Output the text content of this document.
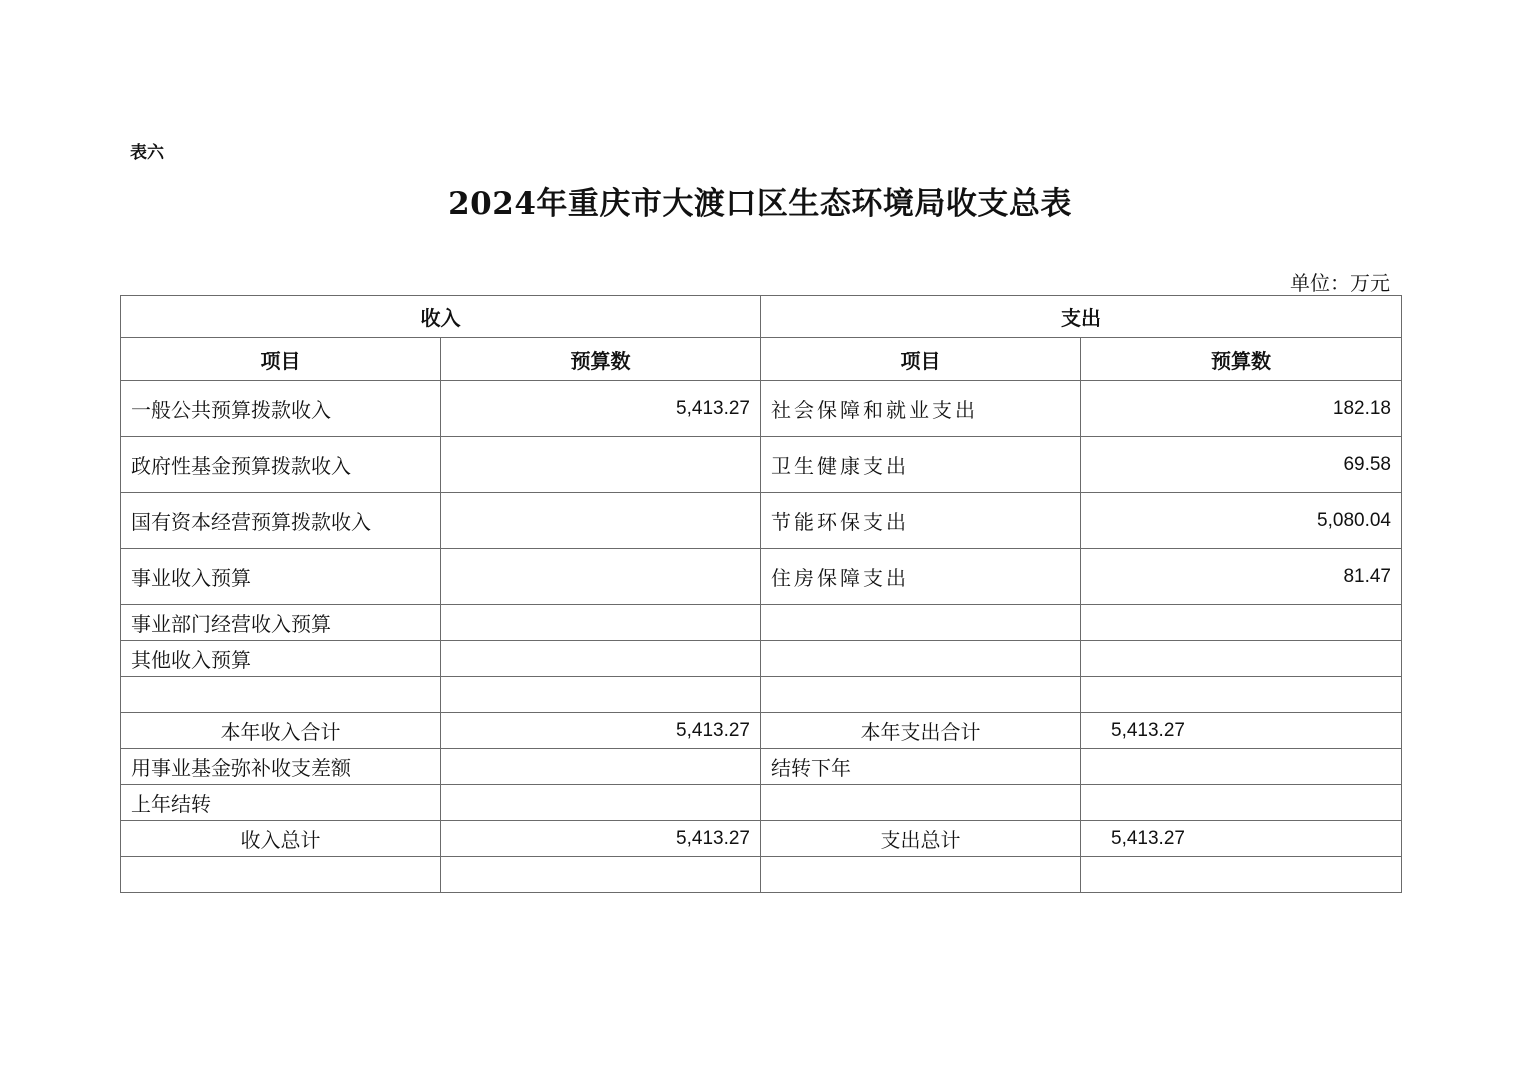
表六
2024年重庆市大渡口区生态环境局收支总表
单位：万元
收入		支出	
项目	预算数	项目	预算数
一般公共预算拨款收入	5,413.27	社会保障和就业支出	182.18
政府性基金预算拨款收入		卫生健康支出	69.58
国有资本经营预算拨款收入		节能环保支出	5,080.04
事业收入预算		住房保障支出	81.47
事业部门经营收入预算			
其他收入预算			

本年收入合计	5,413.27	本年支出合计	5,413.27
用事业基金弥补收支差额		结转下年	
上年结转			
收入总计	5,413.27	支出总计	5,413.27
